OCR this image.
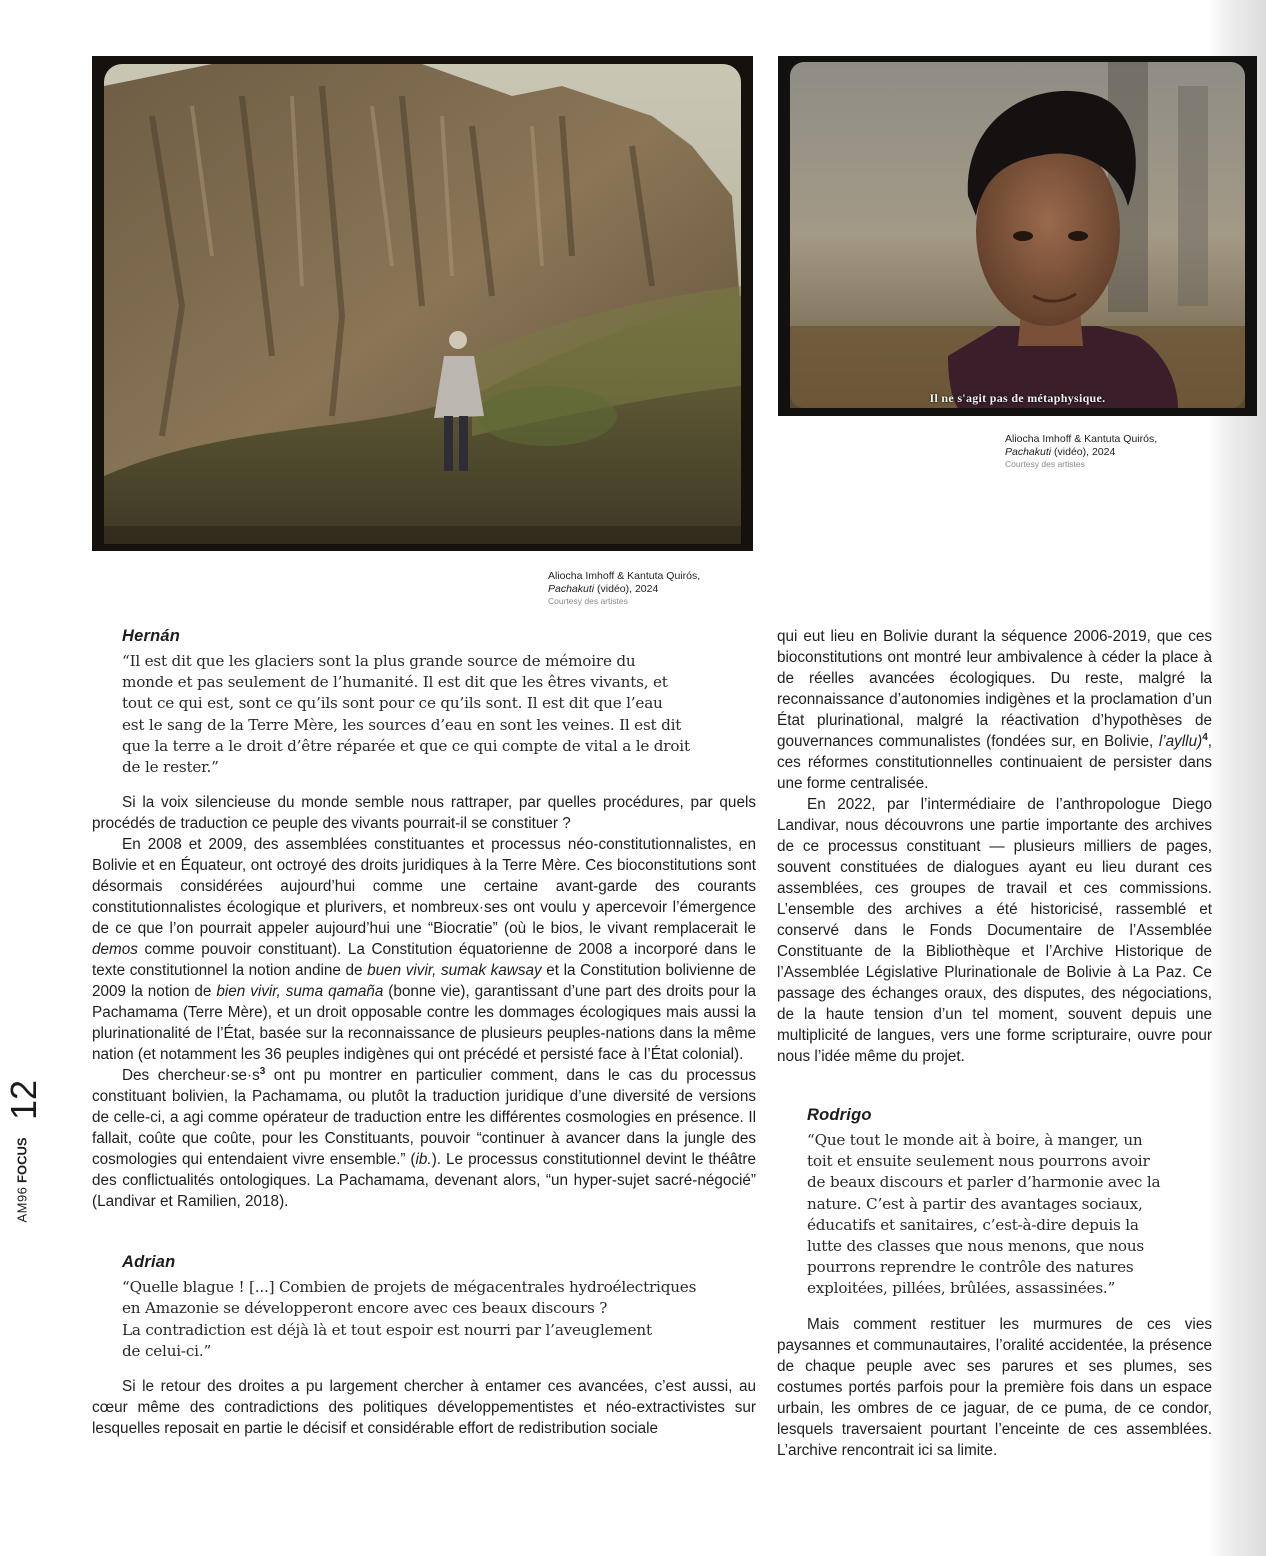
Il ne s'agit pas de métaphysique.
Aliocha Imhoff & Kantuta Quirós,
Pachakuti (vidéo), 2024
Courtesy des artistes
Aliocha Imhoff & Kantuta Quirós,
Pachakuti (vidéo), 2024
Courtesy des artistes
Hernán
“Il est dit que les glaciers sont la plus grande source de mémoire du
monde et pas seulement de l’humanité. Il est dit que les êtres vivants, et
tout ce qui est, sont ce qu’ils sont pour ce qu’ils sont. Il est dit que l’eau
est le sang de la Terre Mère, les sources d’eau en sont les veines. Il est dit
que la terre a le droit d’être réparée et que ce qui compte de vital a le droit
de le rester.”

Si la voix silencieuse du monde semble nous rattraper, par quelles procédures, par quels procédés de traduction ce peuple des vivants pourrait-il se constituer ?

En 2008 et 2009, des assemblées constituantes et processus néo-constitutionnalistes, en Bolivie et en Équateur, ont octroyé des droits juridiques à la Terre Mère. Ces bioconstitutions sont désormais considérées aujourd’hui comme une certaine avant-garde des courants constitutionnalistes écologique et plurivers, et nombreux·ses ont voulu y apercevoir l’émergence de ce que l’on pourrait appeler aujourd’hui une “Biocratie” (où le bios, le vivant remplacerait le demos comme pouvoir constituant). La Constitution équatorienne de 2008 a incorporé dans le texte constitutionnel la notion andine de buen vivir, sumak kawsay et la Constitution bolivienne de 2009 la notion de bien vivir, suma qamaña (bonne vie), garantissant d’une part des droits pour la Pachamama (Terre Mère), et un droit opposable contre les dommages écologiques mais aussi la plurinationalité de l’État, basée sur la reconnaissance de plusieurs peuples-nations dans la même nation (et notamment les 36 peuples indigènes qui ont précédé et persisté face à l’État colonial).

Des $chercheur\cdot se\cdot s^3$ ont pu montrer en particulier comment, dans le cas du processus constituant bolivien, la Pachamama, ou plutôt la traduction juridique d’une diversité de versions de celle-ci, a agi comme opérateur de traduction entre les différentes cosmologies en présence. Il fallait, coûte que coûte, pour les Constituants, pouvoir “continuer à avancer dans la jungle des cosmologies qui entendaient vivre ensemble.” (ib.). Le processus constitutionnel devint le théâtre des conflictualités ontologiques. La Pachamama, devenant alors, “un hyper-sujet sacré-négocié” (Landivar et Ramilien, 2018).

Adrian
“Quelle blague ! [...] Combien de projets de mégacentrales hydroélectriques
en Amazonie se développeront encore avec ces beaux discours ?
La contradiction est déjà là et tout espoir est nourri par l’aveuglement
de celui-ci.”

Si le retour des droites a pu largement chercher à entamer ces avancées, c’est aussi, au cœur même des contradictions des politiques développementistes et néo-extractivistes sur lesquelles reposait en partie le décisif et considérable effort de redistribution sociale

qui eut lieu en Bolivie durant la séquence 2006-2019, que ces bioconstitutions ont montré leur ambivalence à céder la place à de réelles avancées écologiques. Du reste, malgré la reconnaissance d’autonomies indigènes et la proclamation d’un État plurinational, malgré la réactivation d’hypothèses de gouvernances communalistes (fondées sur, en Bolivie, l’ayllu)$^4$, ces réformes constitutionnelles continuaient de persister dans une forme centralisée.

En 2022, par l’intermédiaire de l’anthropologue Diego Landivar, nous découvrons une partie importante des archives de ce processus constituant — plusieurs milliers de pages, souvent constituées de dialogues ayant eu lieu durant ces assemblées, ces groupes de travail et ces commissions. L’ensemble des archives a été historicisé, rassemblé et conservé dans le Fonds Documentaire de l’Assemblée Constituante de la Bibliothèque et l’Archive Historique de l’Assemblée Législative Plurinationale de Bolivie à La Paz. Ce passage des échanges oraux, des disputes, des négociations, de la haute tension d’un tel moment, souvent depuis une multiplicité de langues, vers une forme scripturaire, ouvre pour nous l’idée même du projet.

Rodrigo
“Que tout le monde ait à boire, à manger, un
toit et ensuite seulement nous pourrons avoir
de beaux discours et parler d’harmonie avec la
nature. C’est à partir des avantages sociaux,
éducatifs et sanitaires, c’est-à-dire depuis la
lutte des classes que nous menons, que nous
pourrons reprendre le contrôle des natures
exploitées, pillées, brûlées, assassinées.”

Mais comment restituer les murmures de ces vies paysannes et communautaires, l’oralité accidentée, la présence de chaque peuple avec ses parures et ses plumes, ses costumes portés parfois pour la première fois dans un espace urbain, les ombres de ce jaguar, de ce puma, de ce condor, lesquels traversaient pourtant l’enceinte de ces assemblées. L’archive rencontrait ici sa limite.

12
AM96 FOCUS
